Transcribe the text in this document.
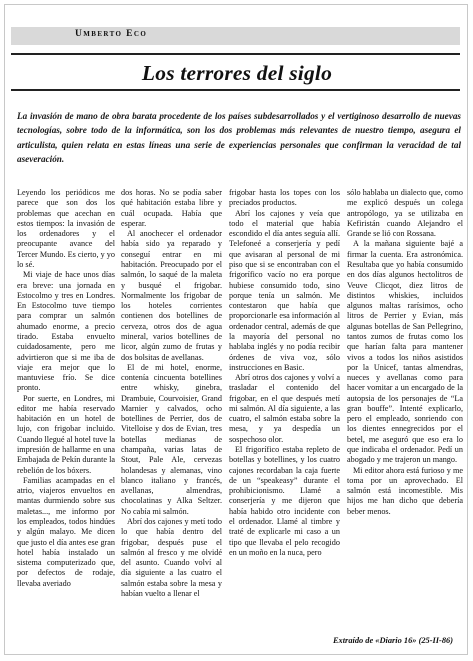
Umberto Eco
Los terrores del siglo
La invasión de mano de obra barata procedente de los países subdesarrollados y el vertiginoso desarrollo de nuevas tecnologías, sobre todo de la informática, son los dos problemas más relevantes de nuestro tiempo, asegura el articulista, quien relata en estas líneas una serie de experiencias personales que confirman la veracidad de tal aseveración.

Leyendo los periódicos me parece que son dos los problemas que acechan en estos tiempos: la invasión de los ordenadores y el preocupante avance del Tercer Mundo. Es cierto, y yo lo sé.

Mi viaje de hace unos días era breve: una jornada en Estocolmo y tres en Londres. En Estocolmo tuve tiempo para comprar un salmón ahumado enorme, a precio tirado. Estaba envuelto cuidadosamente, pero me advirtieron que si me iba de viaje era mejor que lo mantuviese frío. Se dice pronto.

Por suerte, en Londres, mi editor me había reservado habitación en un hotel de lujo, con frigobar incluido. Cuando llegué al hotel tuve la impresión de hallarme en una Embajada de Pekín durante la rebelión de los bóxers.

Familias acampadas en el atrio, viajeros envueltos en mantas durmiendo sobre sus maletas..., me informo por los empleados, todos hindúes y algún malayo. Me dicen que justo el día antes ese gran hotel había instalado un sistema computerizado que, por defectos de rodaje, llevaba averiado

dos horas. No se podía saber qué habitación estaba libre y cuál ocupada. Había que esperar.

Al anochecer el ordenador había sido ya reparado y conseguí entrar en mi habitación. Preocupado por el salmón, lo saqué de la maleta y busqué el frigobar. Normalmente los frigobar de los hoteles corrientes contienen dos botellines de cerveza, otros dos de agua mineral, varios botellines de licor, algún zumo de frutas y dos bolsitas de avellanas.

El de mi hotel, enorme, contenía cincuenta botellines entre whisky, ginebra, Drambuie, Courvoisier, Grand Marnier y calvados, ocho botellines de Perrier, dos de Vitelloise y dos de Evian, tres botellas medianas de champaña, varias latas de Stout, Pale Ale, cervezas holandesas y alemanas, vino blanco italiano y francés, avellanas, almendras, chocolatinas y Alka Seltzer. No cabía mi salmón.

Abrí dos cajones y metí todo lo que había dentro del frigobar, después puse el salmón al fresco y me olvidé del asunto. Cuando volví al día siguiente a las cuatro el salmón estaba sobre la mesa y habían vuelto a llenar el

frigobar hasta los topes con los preciados productos.

Abrí los cajones y veía que todo el material que había escondido el día antes seguía allí. Telefoneé a conserjería y pedí que avisaran al personal de mi piso que si se encontraban con el frigorífico vacío no era porque hubiese consumido todo, sino porque tenía un salmón. Me contestaron que había que proporcionarle esa información al ordenador central, además de que la mayoría del personal no hablaba inglés y no podía recibir órdenes de viva voz, sólo instrucciones en Basic.

Abrí otros dos cajones y volví a trasladar el contenido del frigobar, en el que después metí mi salmón. Al día siguiente, a las cuatro, el salmón estaba sobre la mesa, y ya despedía un sospechoso olor.

El frigorífico estaba repleto de botellas y botellines, y los cuatro cajones recordaban la caja fuerte de un “speakeasy” durante el prohibicionismo. Llamé a conserjería y me dijeron que había habido otro incidente con el ordenador. Llamé al timbre y traté de explicarle mi caso a un tipo que llevaba el pelo recogido en un moño en la nuca, pero

sólo hablaba un dialecto que, como me explicó después un colega antropólogo, ya se utilizaba en Kefiristán cuando Alejandro el Grande se lió con Rossana.

A la mañana siguiente bajé a firmar la cuenta. Era astronómica. Resultaba que yo había consumido en dos días algunos hectolitros de Veuve Clicqot, diez litros de distintos whiskies, incluidos algunos maltas rarísimos, ocho litros de Perrier y Evian, más algunas botellas de San Pellegrino, tantos zumos de frutas como los que harían falta para mantener vivos a todos los niños asistidos por la Unicef, tantas almendras, nueces y avellanas como para hacer vomitar a un encargado de la autopsia de los personajes de “La gran bouffe”. Intenté explicarlo, pero el empleado, sonriendo con los dientes ennegrecidos por el betel, me aseguró que eso era lo que indicaba el ordenador. Pedí un abogado y me trajeron un mango.

Mi editor ahora está furioso y me toma por un aprovechado. El salmón está incomestible. Mis hijos me han dicho que debería beber menos.

Extraído de «Diario 16» (25-II-86)
